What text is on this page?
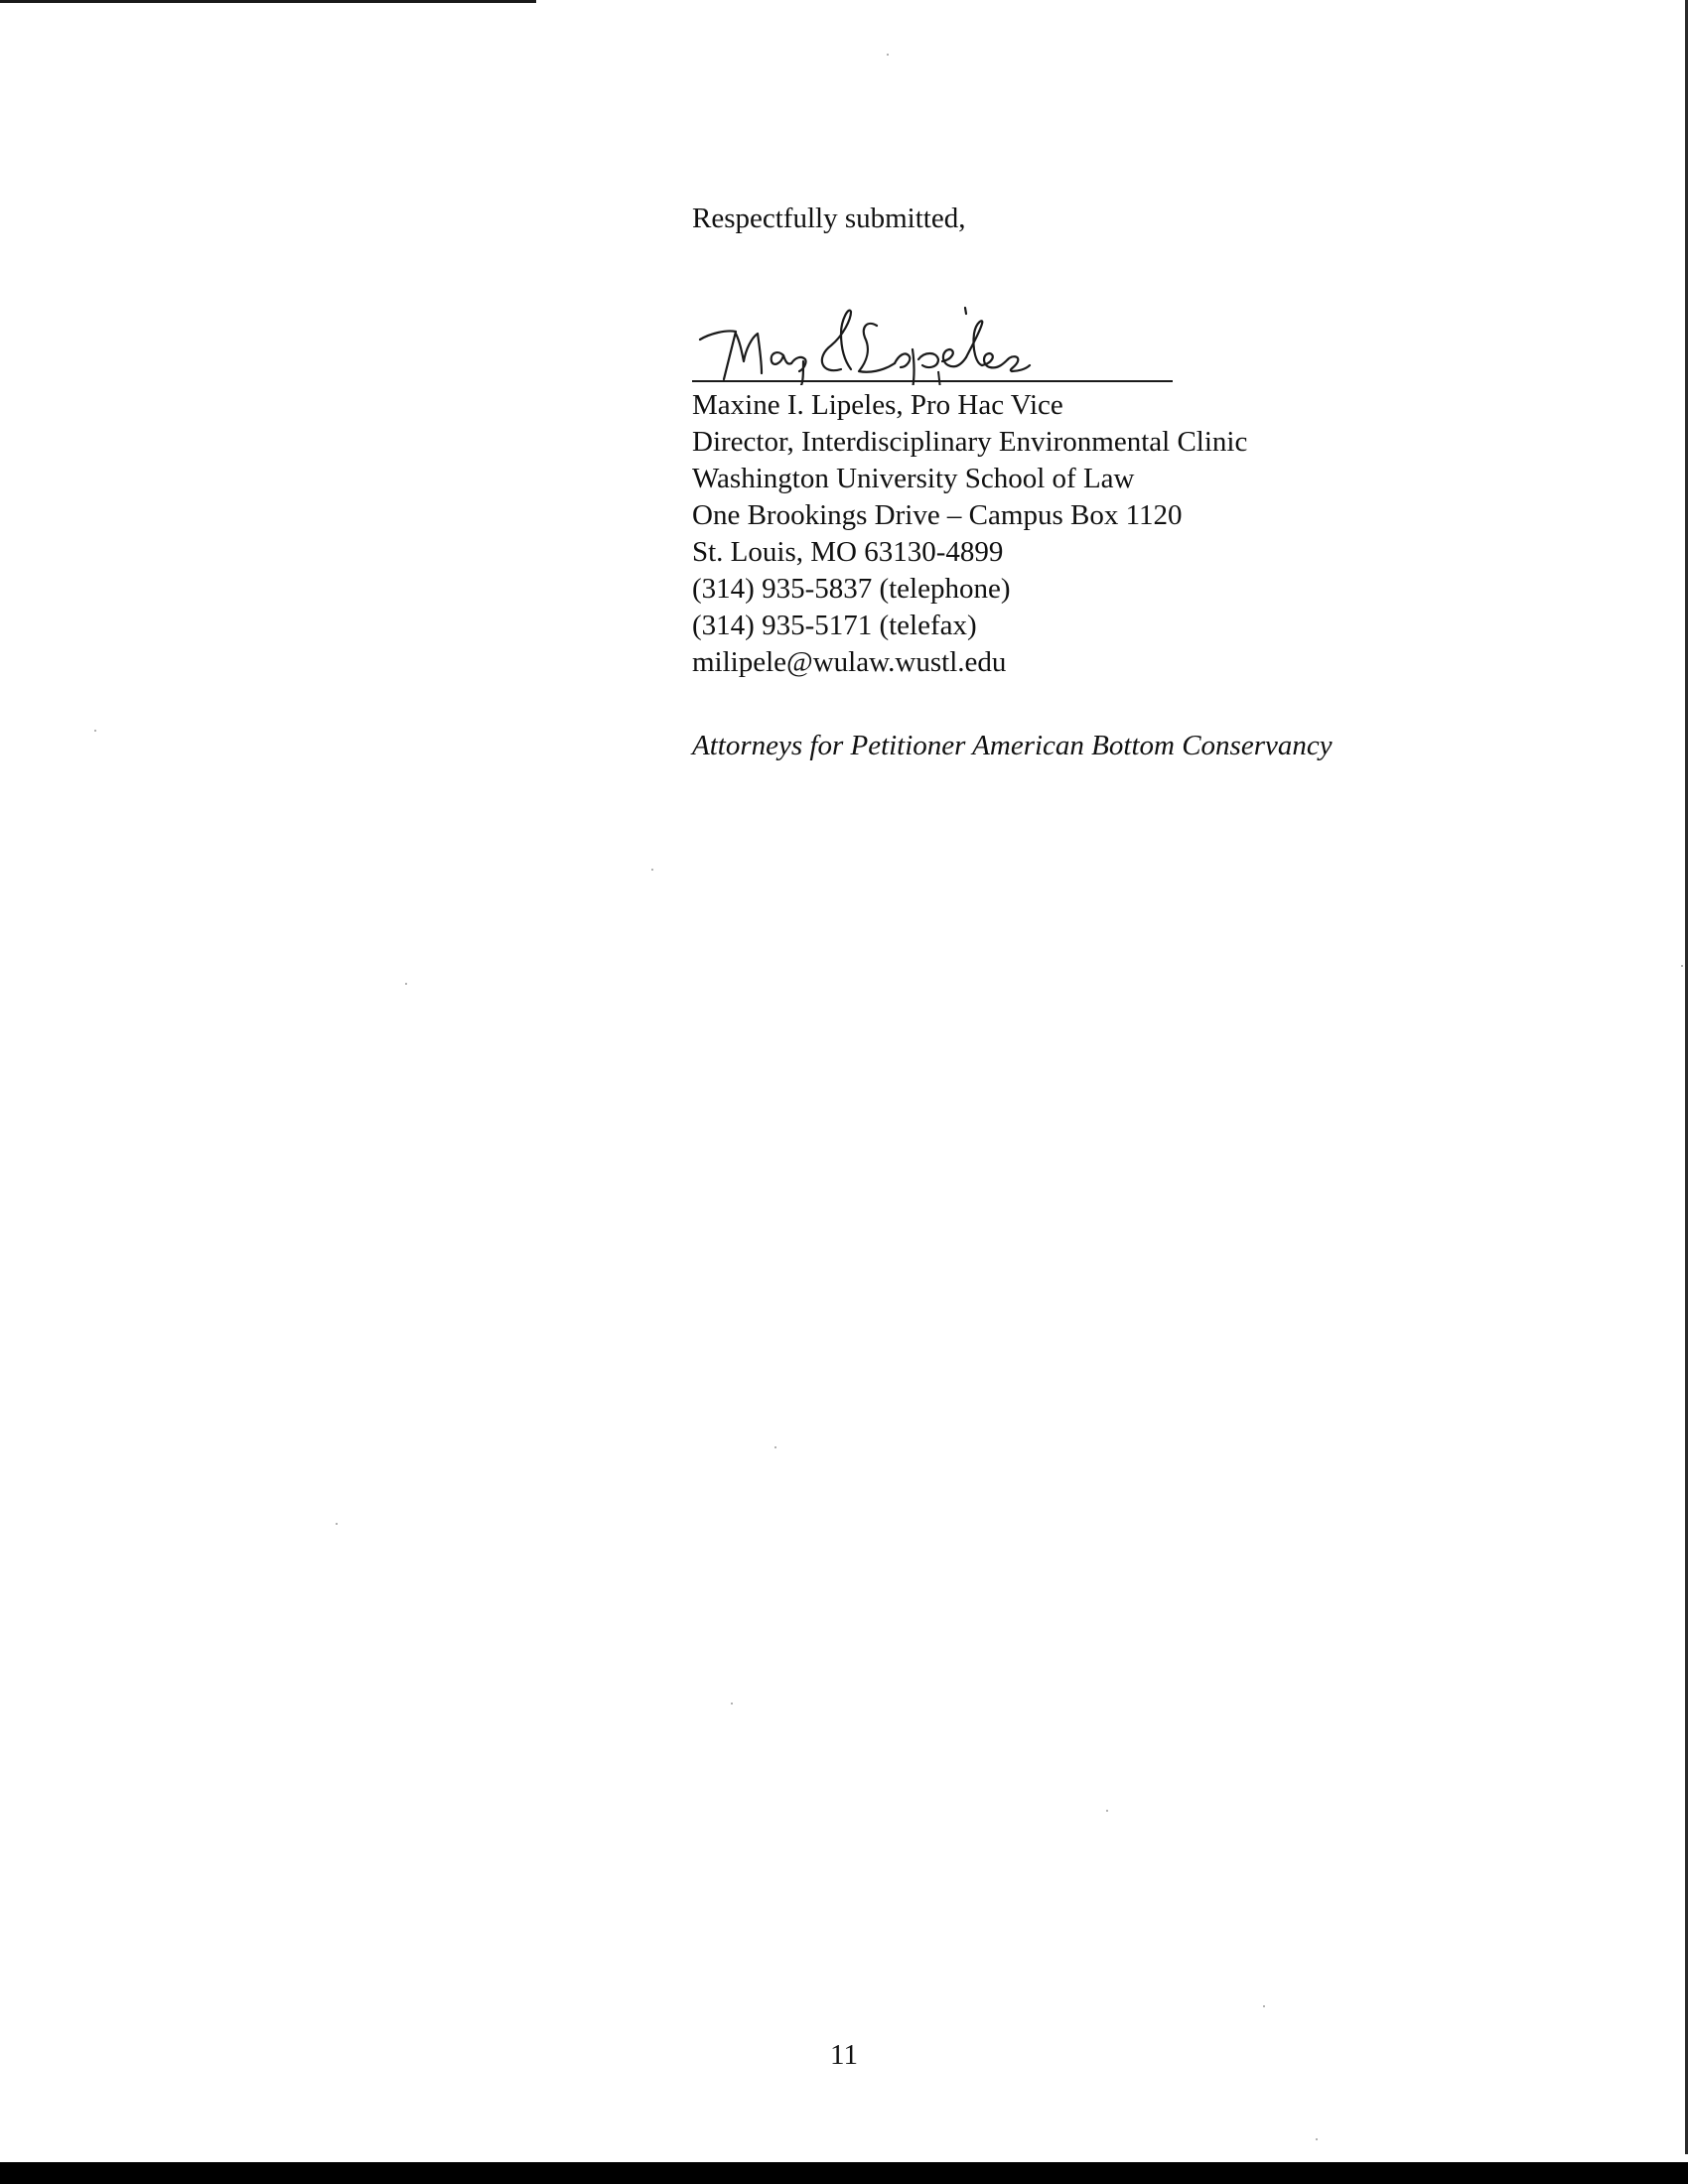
Respectfully submitted,
Maxine I. Lipeles, Pro Hac Vice
Director, Interdisciplinary Environmental Clinic
Washington University School of Law
One Brookings Drive – Campus Box 1120
St. Louis, MO 63130-4899
(314) 935-5837 (telephone)
(314) 935-5171 (telefax)
milipele@wulaw.wustl.edu
Attorneys for Petitioner American Bottom Conservancy
11
